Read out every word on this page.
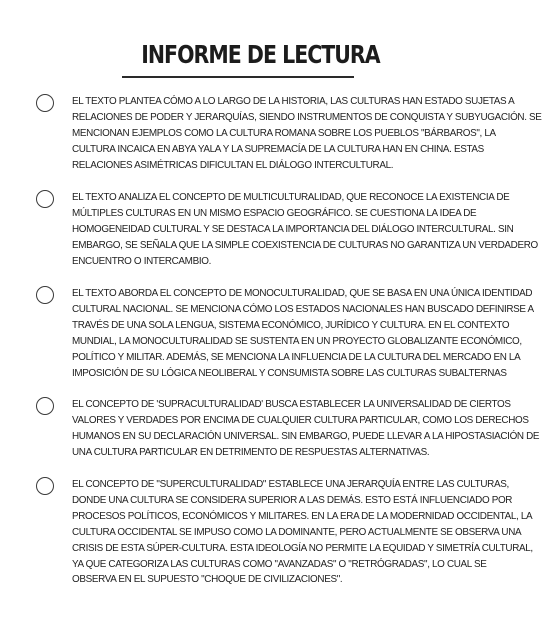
INFORME DE LECTURA
EL TEXTO PLANTEA CÓMO A LO LARGO DE LA HISTORIA, LAS CULTURAS HAN ESTADO SUJETAS A
RELACIONES DE PODER Y JERARQUÍAS, SIENDO INSTRUMENTOS DE CONQUISTA Y SUBYUGACIÓN. SE
MENCIONAN EJEMPLOS COMO LA CULTURA ROMANA SOBRE LOS PUEBLOS "BÁRBAROS", LA
CULTURA INCAICA EN ABYA YALA Y LA SUPREMACÍA DE LA CULTURA HAN EN CHINA. ESTAS
RELACIONES ASIMÉTRICAS DIFICULTAN EL DIÁLOGO INTERCULTURAL.
EL TEXTO ANALIZA EL CONCEPTO DE MULTICULTURALIDAD, QUE RECONOCE LA EXISTENCIA DE
MÚLTIPLES CULTURAS EN UN MISMO ESPACIO GEOGRÁFICO. SE CUESTIONA LA IDEA DE
HOMOGENEIDAD CULTURAL Y SE DESTACA LA IMPORTANCIA DEL DIÁLOGO INTERCULTURAL. SIN
EMBARGO, SE SEÑALA QUE LA SIMPLE COEXISTENCIA DE CULTURAS NO GARANTIZA UN VERDADERO
ENCUENTRO O INTERCAMBIO.
EL TEXTO ABORDA EL CONCEPTO DE MONOCULTURALIDAD, QUE SE BASA EN UNA ÚNICA IDENTIDAD
CULTURAL NACIONAL. SE MENCIONA CÓMO LOS ESTADOS NACIONALES HAN BUSCADO DEFINIRSE A
TRAVÉS DE UNA SOLA LENGUA, SISTEMA ECONÓMICO, JURÍDICO Y CULTURA. EN EL CONTEXTO
MUNDIAL, LA MONOCULTURALIDAD SE SUSTENTA EN UN PROYECTO GLOBALIZANTE ECONÓMICO,
POLÍTICO Y MILITAR. ADEMÁS, SE MENCIONA LA INFLUENCIA DE LA CULTURA DEL MERCADO EN LA
IMPOSICIÓN DE SU LÓGICA NEOLIBERAL Y CONSUMISTA SOBRE LAS CULTURAS SUBALTERNAS
EL CONCEPTO DE 'SUPRACULTURALIDAD' BUSCA ESTABLECER LA UNIVERSALIDAD DE CIERTOS
VALORES Y VERDADES POR ENCIMA DE CUALQUIER CULTURA PARTICULAR, COMO LOS DERECHOS
HUMANOS EN SU DECLARACIÓN UNIVERSAL. SIN EMBARGO, PUEDE LLEVAR A LA HIPOSTASIACIÓN DE
UNA CULTURA PARTICULAR EN DETRIMENTO DE RESPUESTAS ALTERNATIVAS.
EL CONCEPTO DE "SUPERCULTURALIDAD" ESTABLECE UNA JERARQUÍA ENTRE LAS CULTURAS,
DONDE UNA CULTURA SE CONSIDERA SUPERIOR A LAS DEMÁS. ESTO ESTÁ INFLUENCIADO POR
PROCESOS POLÍTICOS, ECONÓMICOS Y MILITARES. EN LA ERA DE LA MODERNIDAD OCCIDENTAL, LA
CULTURA OCCIDENTAL SE IMPUSO COMO LA DOMINANTE, PERO ACTUALMENTE SE OBSERVA UNA
CRISIS DE ESTA SÚPER-CULTURA. ESTA IDEOLOGÍA NO PERMITE LA EQUIDAD Y SIMETRÍA CULTURAL,
YA QUE CATEGORIZA LAS CULTURAS COMO "AVANZADAS" O "RETRÓGRADAS", LO CUAL SE
OBSERVA EN EL SUPUESTO "CHOQUE DE CIVILIZACIONES".
